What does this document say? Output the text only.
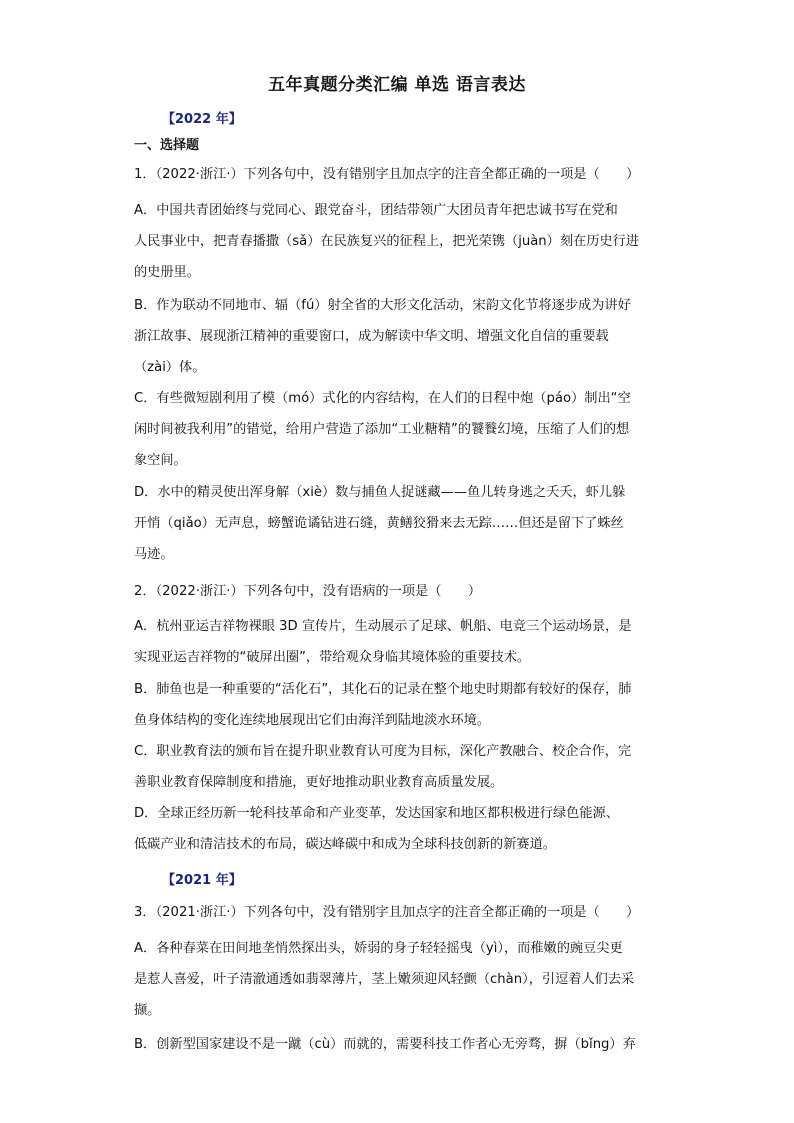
五年真题分类汇编 单选 语言表达
【2022 年】
一、选择题
1．（2022·浙江·）下列各句中，没有错别字且加点字的注音全都正确的一项是（　　）
A．中国共青团始终与党同心、跟党奋斗，团结带领广大团员青年把忠诚书写在党和
人民事业中，把青春播撒（sǎ）在民族复兴的征程上，把光荣镌（juàn）刻在历史行进
的史册里。
B．作为联动不同地市、辐（fú）射全省的大形文化活动，宋韵文化节将逐步成为讲好
浙江故事、展现浙江精神的重要窗口，成为解读中华文明、增强文化自信的重要载
（zài）体。
C．有些微短剧利用了模（mó）式化的内容结构，在人们的日程中炮（páo）制出“空
闲时间被我利用”的错觉，给用户营造了添加“工业糖精”的饕餮幻境，压缩了人们的想
象空间。
D．水中的精灵使出浑身解（xiè）数与捕鱼人捉谜藏——鱼儿转身逃之夭夭，虾儿躲
开悄（qiǎo）无声息，螃蟹诡谲钻进石缝，黄鳝狡猾来去无踪……但还是留下了蛛丝
马迹。
2．（2022·浙江·）下列各句中，没有语病的一项是（　　）
A．杭州亚运吉祥物裸眼 3D 宣传片，生动展示了足球、帆船、电竞三个运动场景，是
实现亚运吉祥物的“破屏出圈”，带给观众身临其境体验的重要技术。
B．肺鱼也是一种重要的“活化石”，其化石的记录在整个地史时期都有较好的保存，肺
鱼身体结构的变化连续地展现出它们由海洋到陆地淡水环境。
C．职业教育法的颁布旨在提升职业教育认可度为目标，深化产教融合、校企合作，完
善职业教育保障制度和措施，更好地推动职业教育高质量发展。
D．全球正经历新一轮科技革命和产业变革，发达国家和地区都积极进行绿色能源、
低碳产业和清洁技术的布局，碳达峰碳中和成为全球科技创新的新赛道。
【2021 年】
3．（2021·浙江·）下列各句中，没有错别字且加点字的注音全都正确的一项是（　　）
A．各种春菜在田间地垄悄然探出头，娇弱的身子轻轻摇曳（yì），而稚嫩的豌豆尖更
是惹人喜爱，叶子清澈通透如翡翠薄片，茎上嫩须迎风轻颤（chàn），引逗着人们去采
撷。
B．创新型国家建设不是一蹴（cù）而就的，需要科技工作者心无旁骛，摒（bǐng）弃
